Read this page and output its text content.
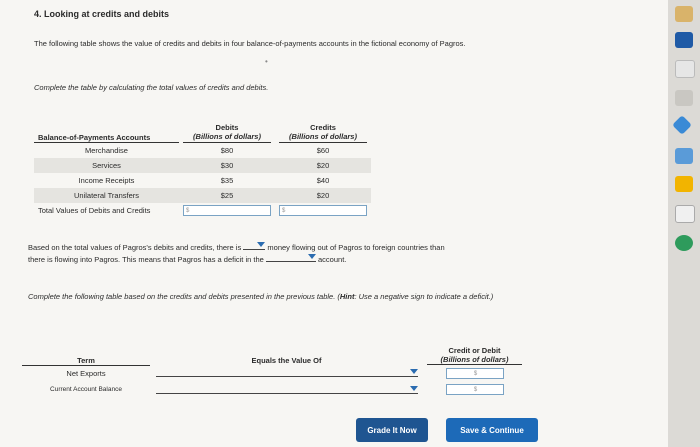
4. Looking at credits and debits
The following table shows the value of credits and debits in four balance-of-payments accounts in the fictional economy of Pagros.
•
Complete the table by calculating the total values of credits and debits.
Balance-of-Payments Accounts	Debits
(Billions of dollars)	Credits
(Billions of dollars)

Merchandise	$80	$60
Services	$30	$20
Income Receipts	$35	$40
Unilateral Transfers	$25	$20
Total Values of Debits and Credits	$	$
Based on the total values of Pagros's debits and credits, there is	money flowing out of Pagros to foreign countries than
there is flowing into Pagros. This means that Pagros has a deficit in the	account.
Complete the following table based on the credits and debits presented in the previous table. (Hint: Use a negative sign to indicate a deficit.)
Term	Equals the Value Of	Credit or Debit
(Billions of dollars)

Net Exports		$
Current Account Balance		$
Grade It Now	Save & Continue
